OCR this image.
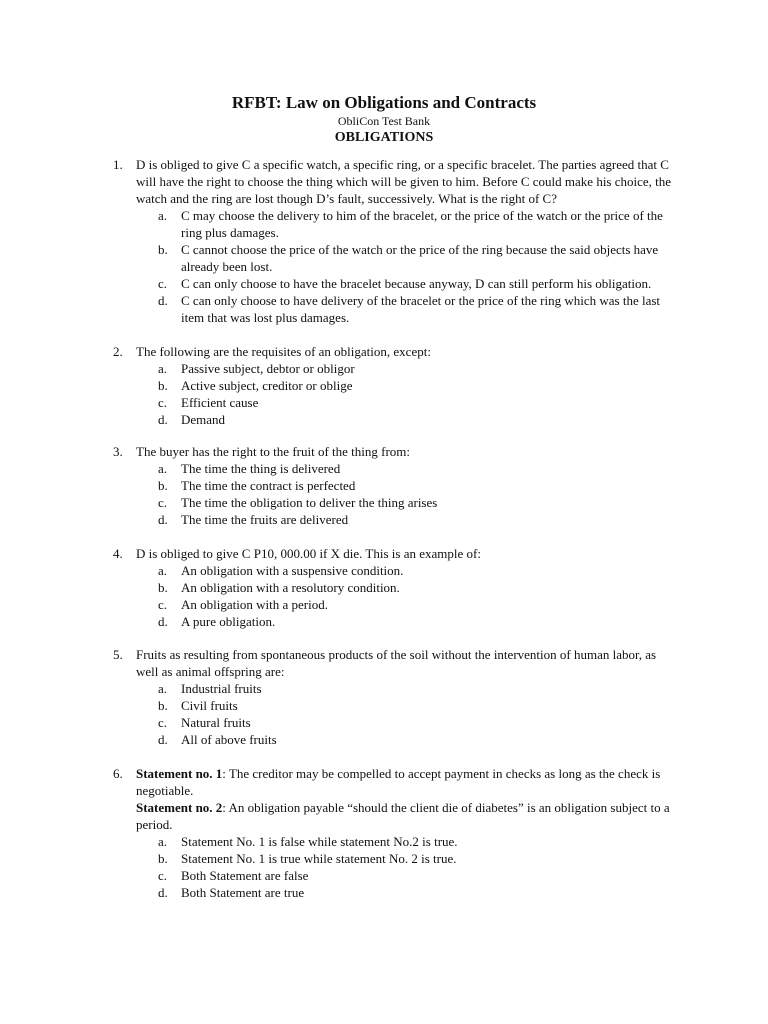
RFBT: Law on Obligations and Contracts
ObliCon Test Bank
OBLIGATIONS
1.	D is obliged to give C a specific watch, a specific ring, or a specific bracelet. The parties agreed that C will have the right to choose the thing which will be given to him. Before C could make his choice, the watch and the ring are lost though D’s fault, successively. What is the right of C?
a. C may choose the delivery to him of the bracelet, or the price of the watch or the price of the ring plus damages.
b. C cannot choose the price of the watch or the price of the ring because the said objects have already been lost.
c. C can only choose to have the bracelet because anyway, D can still perform his obligation.
d. C can only choose to have delivery of the bracelet or the price of the ring which was the last item that was lost plus damages.
2.	The following are the requisites of an obligation, except:
a. Passive subject, debtor or obligor
b. Active subject, creditor or oblige
c. Efficient cause
d. Demand
3.	The buyer has the right to the fruit of the thing from:
a. The time the thing is delivered
b. The time the contract is perfected
c. The time the obligation to deliver the thing arises
d. The time the fruits are delivered
4.	D is obliged to give C P10, 000.00 if X die. This is an example of:
a. An obligation with a suspensive condition.
b. An obligation with a resolutory condition.
c. An obligation with a period.
d. A pure obligation.
5.	Fruits as resulting from spontaneous products of the soil without the intervention of human labor, as well as animal offspring are:
a. Industrial fruits
b. Civil fruits
c. Natural fruits
d. All of above fruits
6.	Statement no. 1: The creditor may be compelled to accept payment in checks as long as the check is negotiable.
Statement no. 2: An obligation payable “should the client die of diabetes” is an obligation subject to a period.
a. Statement No. 1 is false while statement No.2 is true.
b. Statement No. 1 is true while statement No. 2 is true.
c. Both Statement are false
d. Both Statement are true
